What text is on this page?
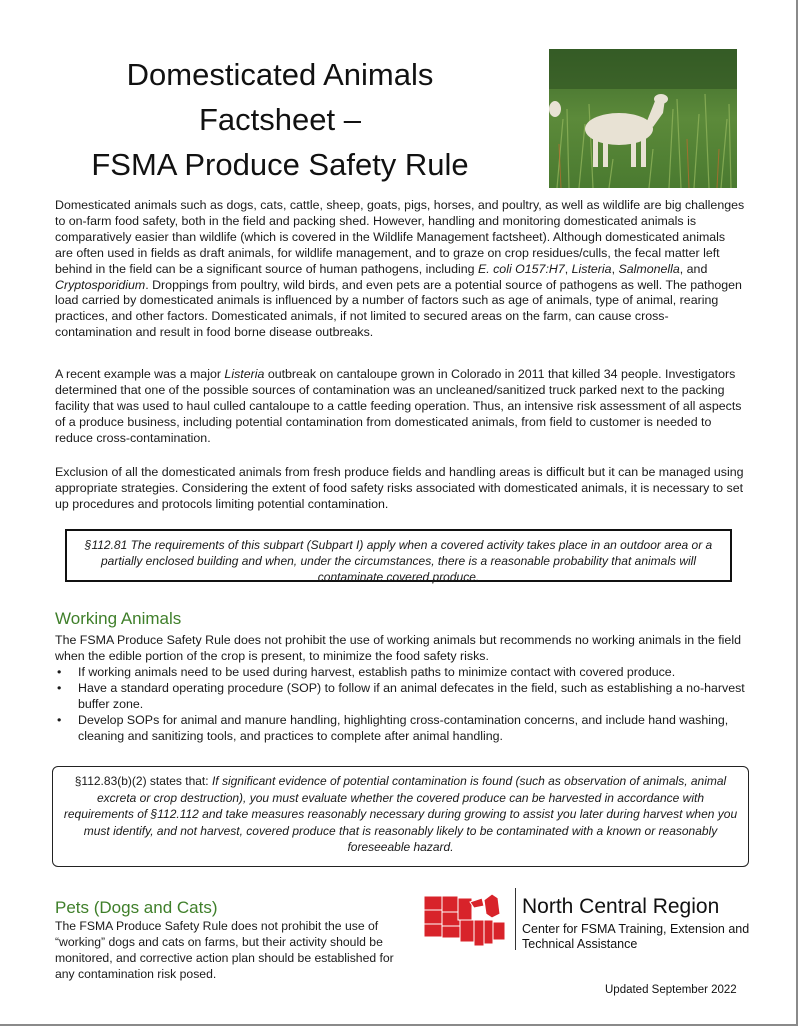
Domesticated Animals
Factsheet –
FSMA Produce Safety Rule

Domesticated animals such as dogs, cats, cattle, sheep, goats, pigs, horses, and poultry, as well as wildlife are big challenges to on-farm food safety, both in the field and packing shed. However, handling and monitoring domesticated animals is comparatively easier than wildlife (which is covered in the Wildlife Management factsheet). Although domesticated animals are often used in fields as draft animals, for wildlife management, and to graze on crop residues/culls, the fecal matter left behind in the field can be a significant source of human pathogens, including E. coli O157:H7, Listeria, Salmonella, and Cryptosporidium. Droppings from poultry, wild birds, and even pets are a potential source of pathogens as well. The pathogen load carried by domesticated animals is influenced by a number of factors such as age of animals, type of animal, rearing practices, and other factors. Domesticated animals, if not limited to secured areas on the farm, can cause cross-contamination and result in food borne disease outbreaks.

A recent example was a major Listeria outbreak on cantaloupe grown in Colorado in 2011 that killed 34 people. Investigators determined that one of the possible sources of contamination was an uncleaned/sanitized truck parked next to the packing facility that was used to haul culled cantaloupe to a cattle feeding operation. Thus, an intensive risk assessment of all aspects of a produce business, including potential contamination from domesticated animals, from field to customer is needed to reduce cross-contamination.

Exclusion of all the domesticated animals from fresh produce fields and handling areas is difficult but it can be managed using appropriate strategies. Considering the extent of food safety risks associated with domesticated animals, it is necessary to set up procedures and protocols limiting potential contamination.

§112.81 The requirements of this subpart (Subpart I) apply when a covered activity takes place in an outdoor area or a partially enclosed building and when, under the circumstances, there is a reasonable probability that animals will contaminate covered produce.
Working Animals

The FSMA Produce Safety Rule does not prohibit the use of working animals but recommends no working animals in the field when the edible portion of the crop is present, to minimize the food safety risks.

• If working animals need to be used during harvest, establish paths to minimize contact with covered produce.
• Have a standard operating procedure (SOP) to follow if an animal defecates in the field, such as establishing a no-harvest buffer zone.
• Develop SOPs for animal and manure handling, highlighting cross-contamination concerns, and include hand washing, cleaning and sanitizing tools, and practices to complete after animal handling.
§112.83(b)(2) states that: If significant evidence of potential contamination is found (such as observation of animals, animal excreta or crop destruction), you must evaluate whether the covered produce can be harvested in accordance with requirements of §112.112 and take measures reasonably necessary during growing to assist you later during harvest when you must identify, and not harvest, covered produce that is reasonably likely to be contaminated with a known or reasonably foreseeable hazard.
Pets (Dogs and Cats)

The FSMA Produce Safety Rule does not prohibit the use of “working” dogs and cats on farms, but their activity should be monitored, and corrective action plan should be established for any contamination risk posed.

North Central Region
Center for FSMA Training, Extension and Technical Assistance
Updated September 2022
